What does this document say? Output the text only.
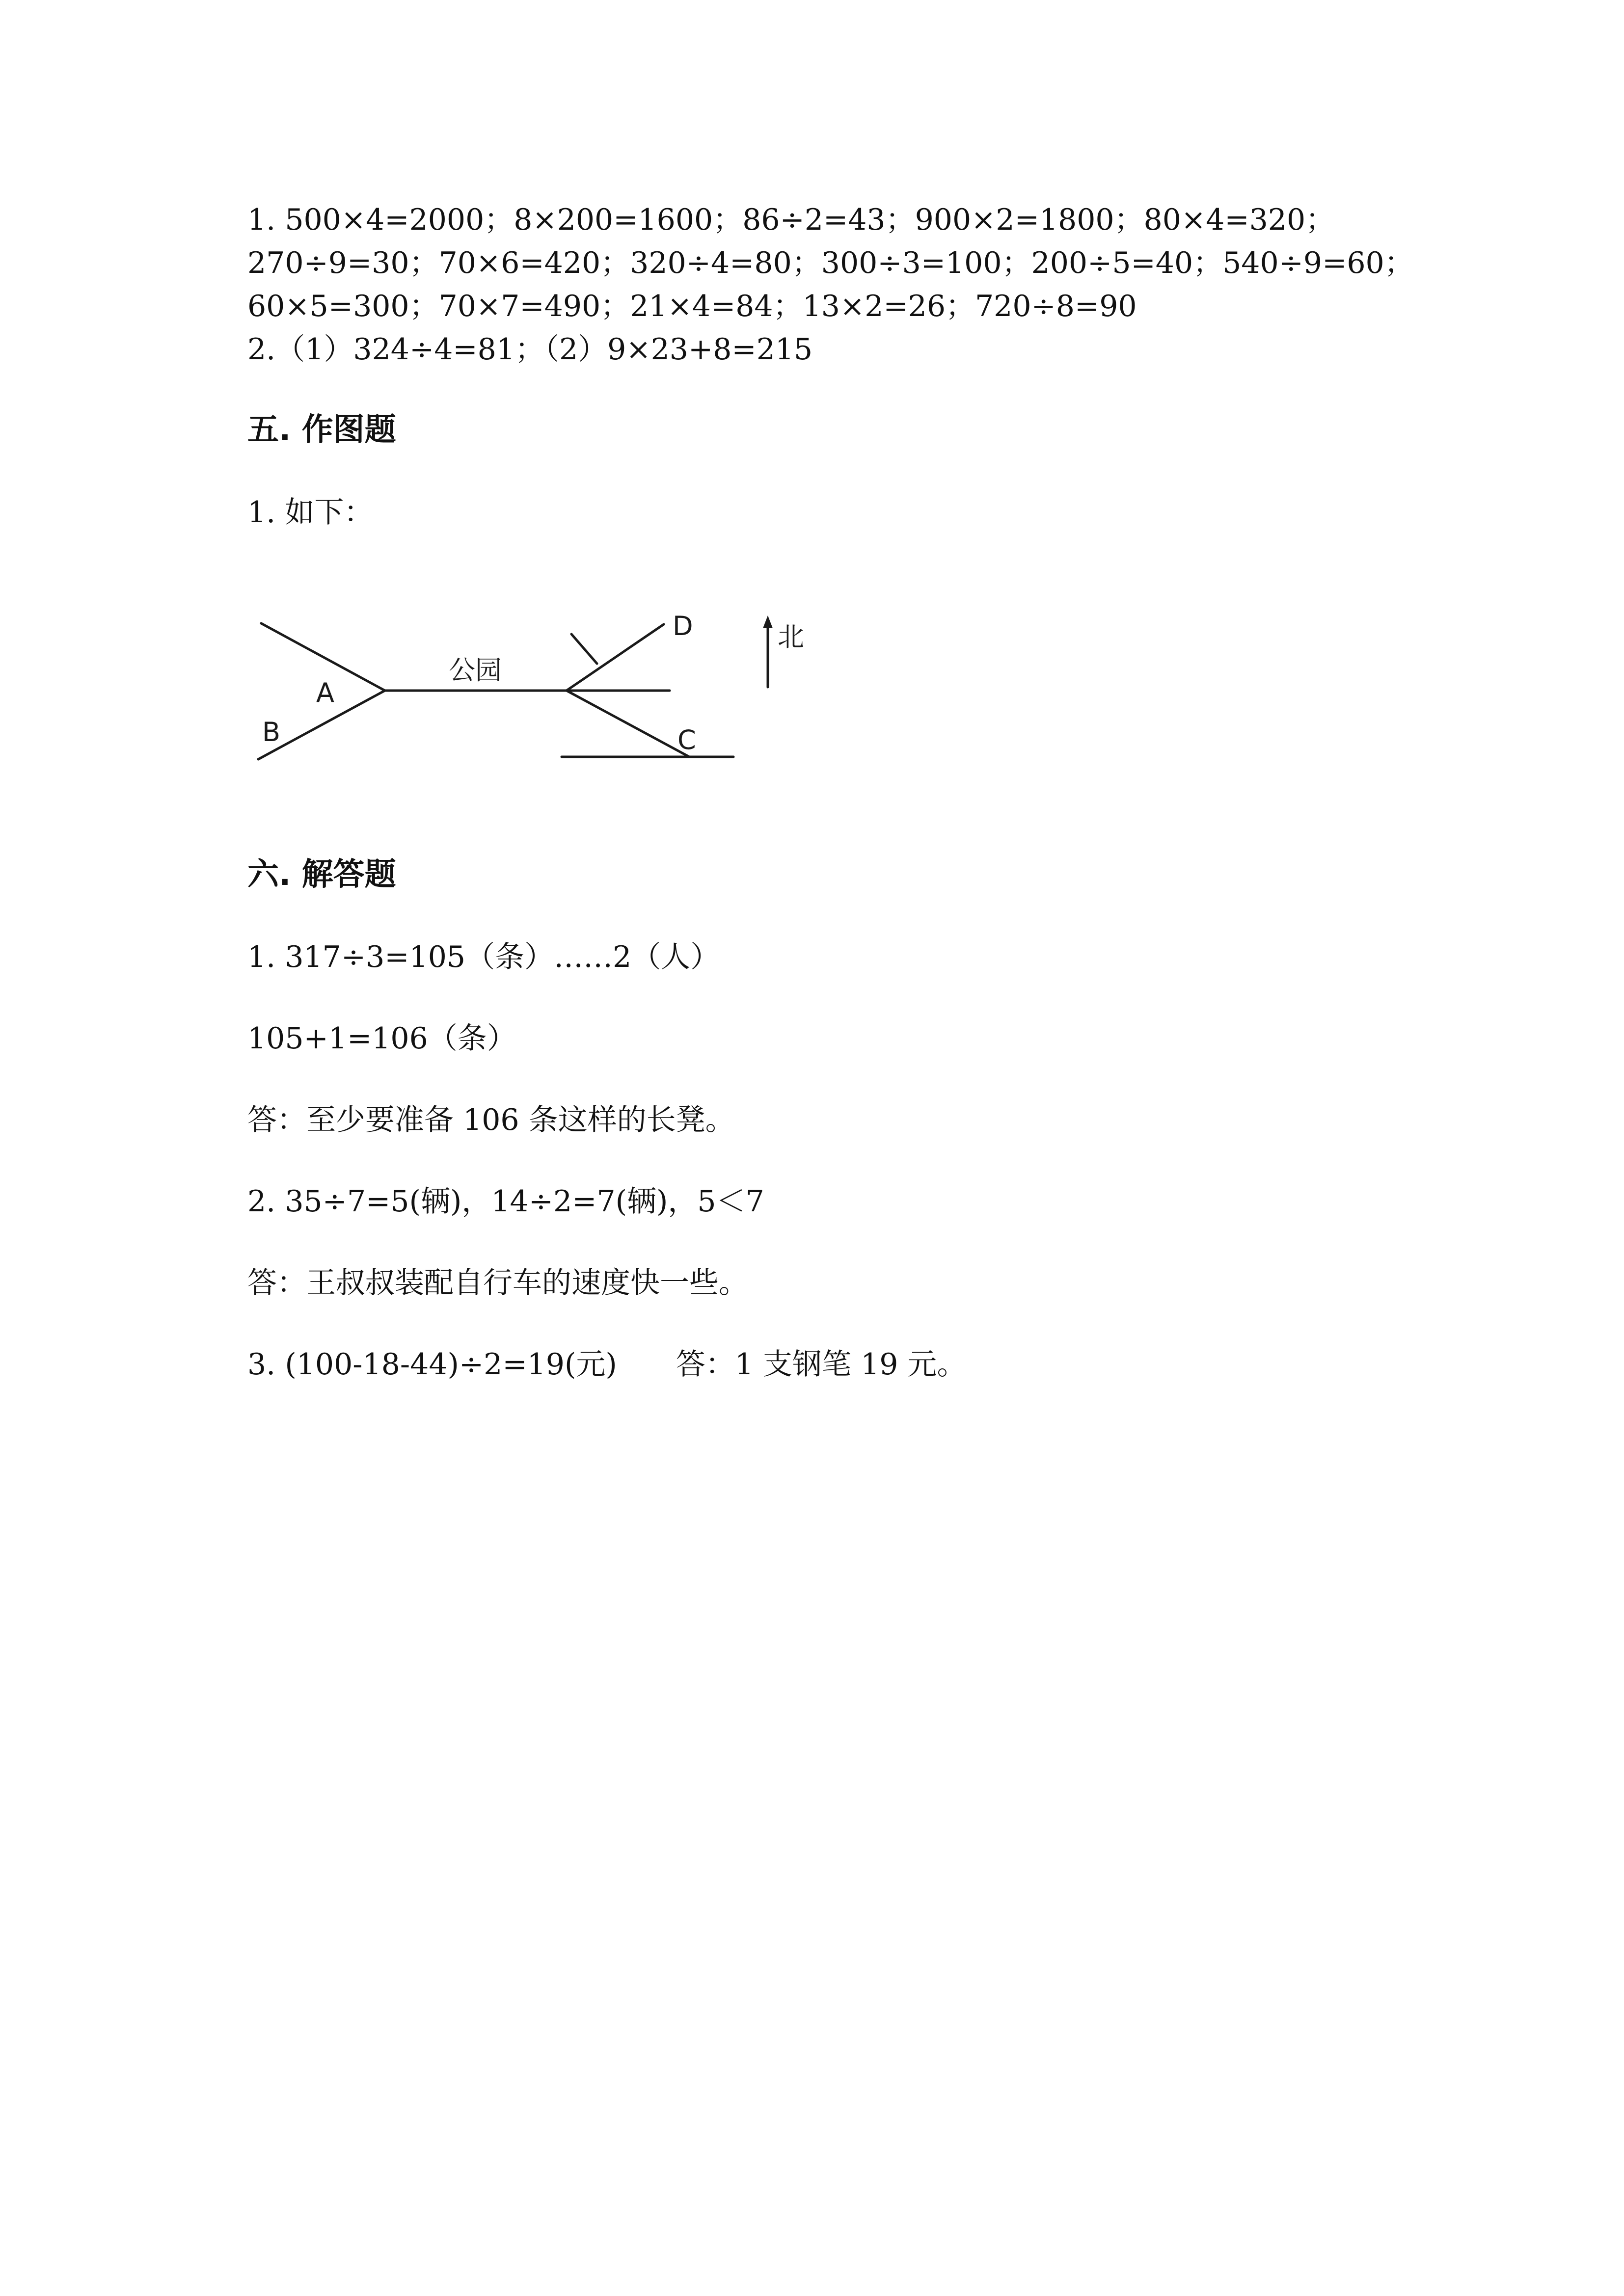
1. 500×4=2000；8×200=1600；86÷2=43；900×2=1800；80×4=320；
270÷9=30；70×6=420；320÷4=80；300÷3=100；200÷5=40；540÷9=60；
60×5=300；70×7=490；21×4=84；13×2=26；720÷8=90
2.（1）324÷4=81；（2）9×23+8=215
五. 作图题
1. 如下：
公园
A
B	C
D	北
六. 解答题
1. 317÷3=105（条）……2（人）
105+1=106（条）
答：至少要准备 106 条这样的长凳。
2. 35÷7=5(辆)，14÷2=7(辆)，5＜7
答：王叔叔装配自行车的速度快一些。
3. (100-18-44)÷2=19(元)　　答：1 支钢笔 19 元。
